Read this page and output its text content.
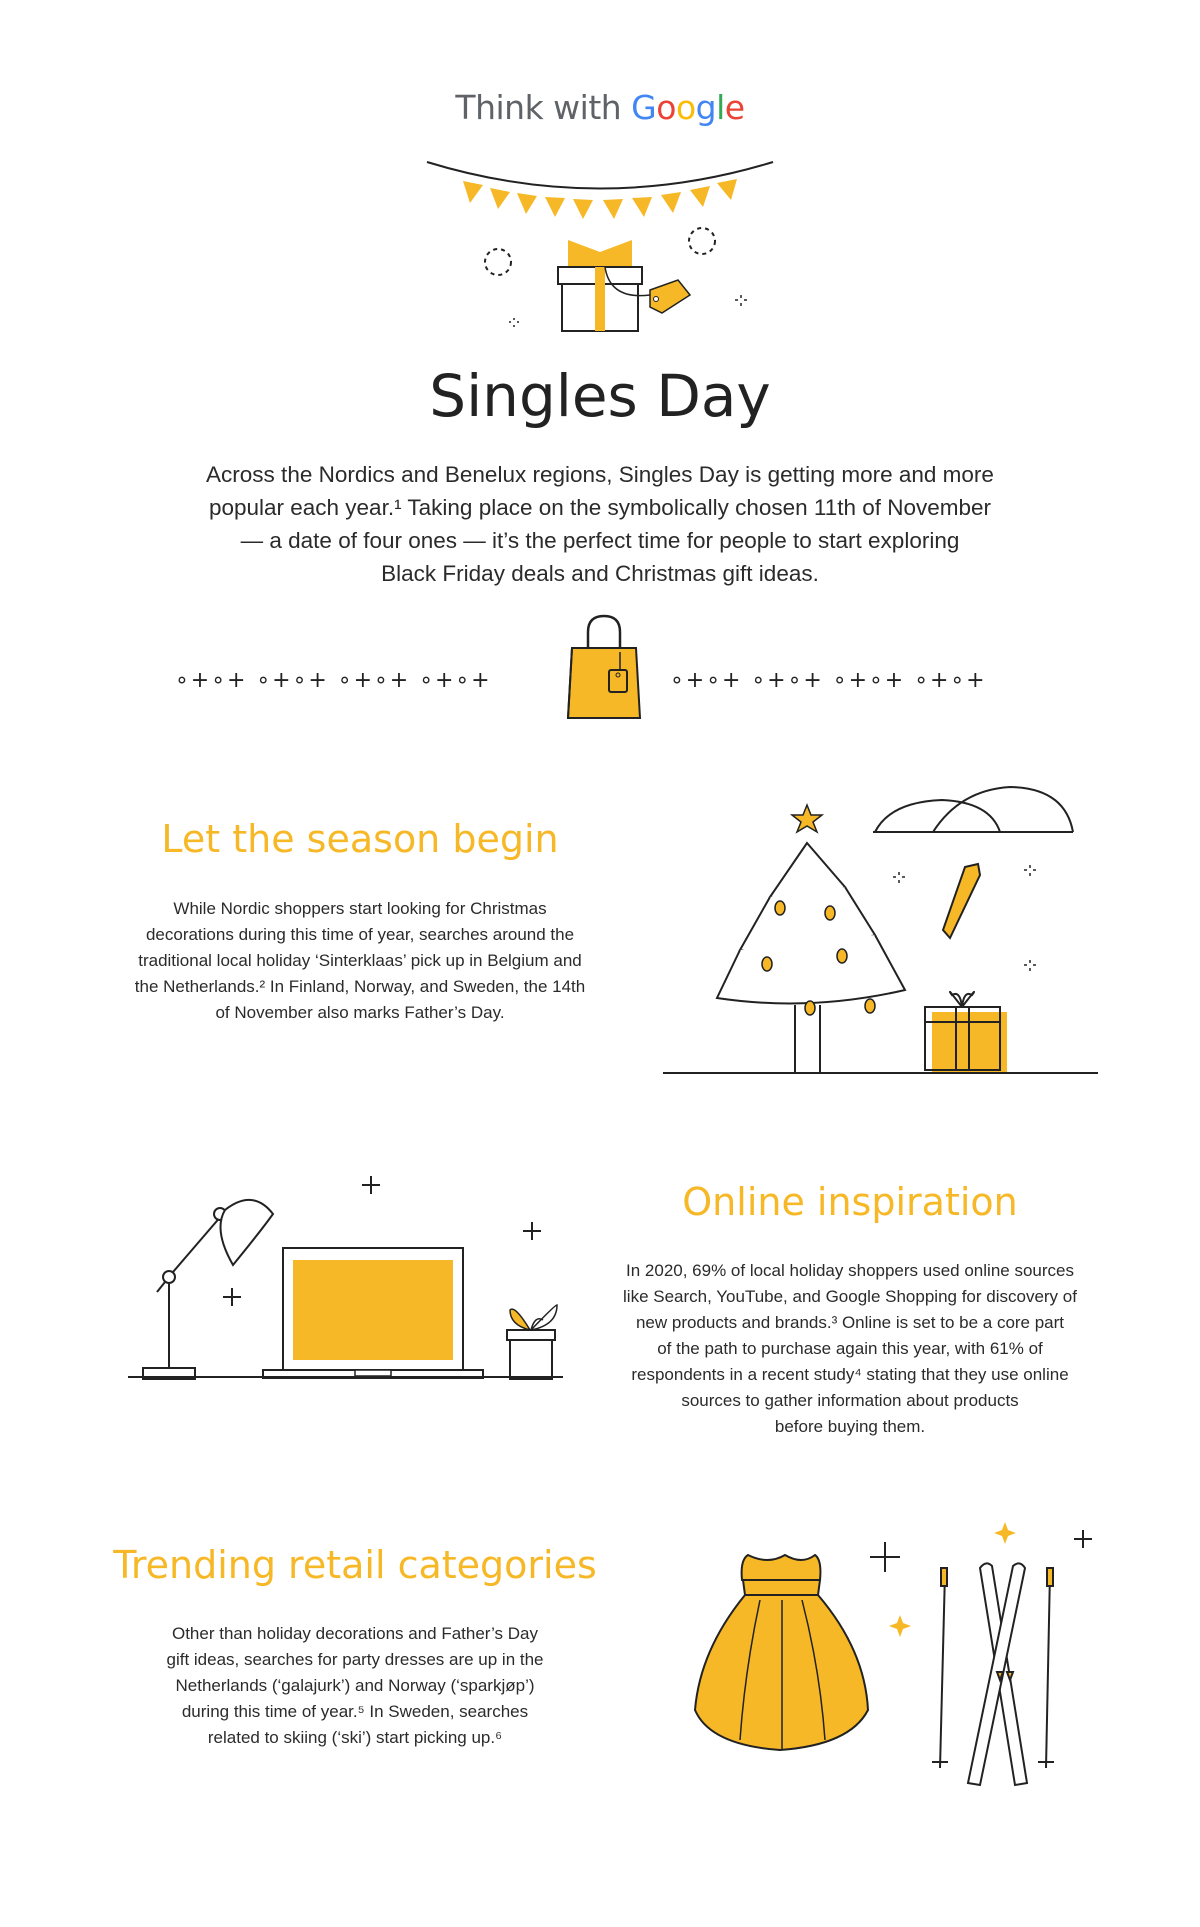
Think with Google
Singles Day
Across the Nordics and Benelux regions, Singles Day is getting more and more
popular each year.¹ Taking place on the symbolically chosen 11th of November
— a date of four ones — it’s the perfect time for people to start exploring
Black Friday deals and Christmas gift ideas.
∘+∘+ ∘+∘+ ∘+∘+ ∘+∘+	∘+∘+ ∘+∘+ ∘+∘+ ∘+∘+
Let the season begin
While Nordic shoppers start looking for Christmas
decorations during this time of year, searches around the
traditional local holiday ‘Sinterklaas’ pick up in Belgium and
the Netherlands.² In Finland, Norway, and Sweden, the 14th
of November also marks Father’s Day.
Online inspiration
In 2020, 69% of local holiday shoppers used online sources
like Search, YouTube, and Google Shopping for discovery of
new products and brands.³ Online is set to be a core part
of the path to purchase again this year, with 61% of
respondents in a recent study⁴ stating that they use online
sources to gather information about products
before buying them.
Trending retail categories
Other than holiday decorations and Father’s Day
gift ideas, searches for party dresses are up in the
Netherlands (‘galajurk’) and Norway (‘sparkjøp’)
during this time of year.⁵ In Sweden, searches
related to skiing (‘ski’) start picking up.⁶
